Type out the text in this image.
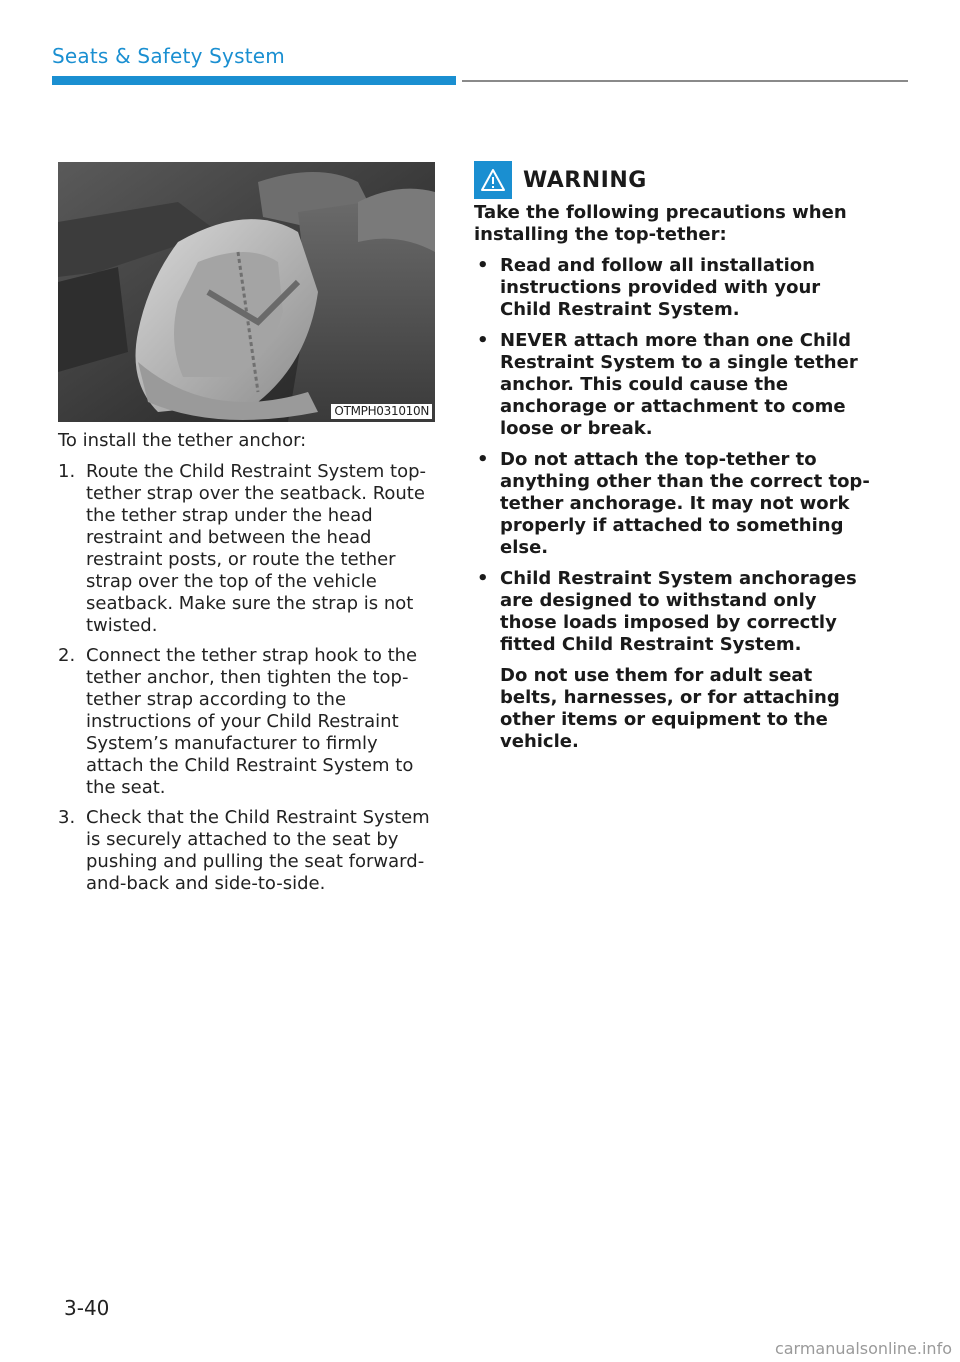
Seats & Safety System
OTMPH031010N

To install the tether anchor:

1. Route the Child Restraint System top-tether strap over the seatback. Route the tether strap under the head restraint and between the head restraint posts, or route the tether strap over the top of the vehicle seatback. Make sure the strap is not twisted.
2. Connect the tether strap hook to the tether anchor, then tighten the top-tether strap according to the instructions of your Child Restraint System’s manufacturer to firmly attach the Child Restraint System to the seat.
3. Check that the Child Restraint System is securely attached to the seat by pushing and pulling the seat forward-and-back and side-to-side.
WARNING

Take the following precautions when installing the top-tether:

• Read and follow all installation instructions provided with your Child Restraint System.
• NEVER attach more than one Child Restraint System to a single tether anchor. This could cause the anchorage or attachment to come loose or break.
• Do not attach the top-tether to anything other than the correct top-tether anchorage. It may not work properly if attached to something else.
• Child Restraint System anchorages are designed to withstand only those loads imposed by correctly fitted Child Restraint System.
Do not use them for adult seat belts, harnesses, or for attaching other items or equipment to the vehicle.
3-40
carmanualsonline.info
